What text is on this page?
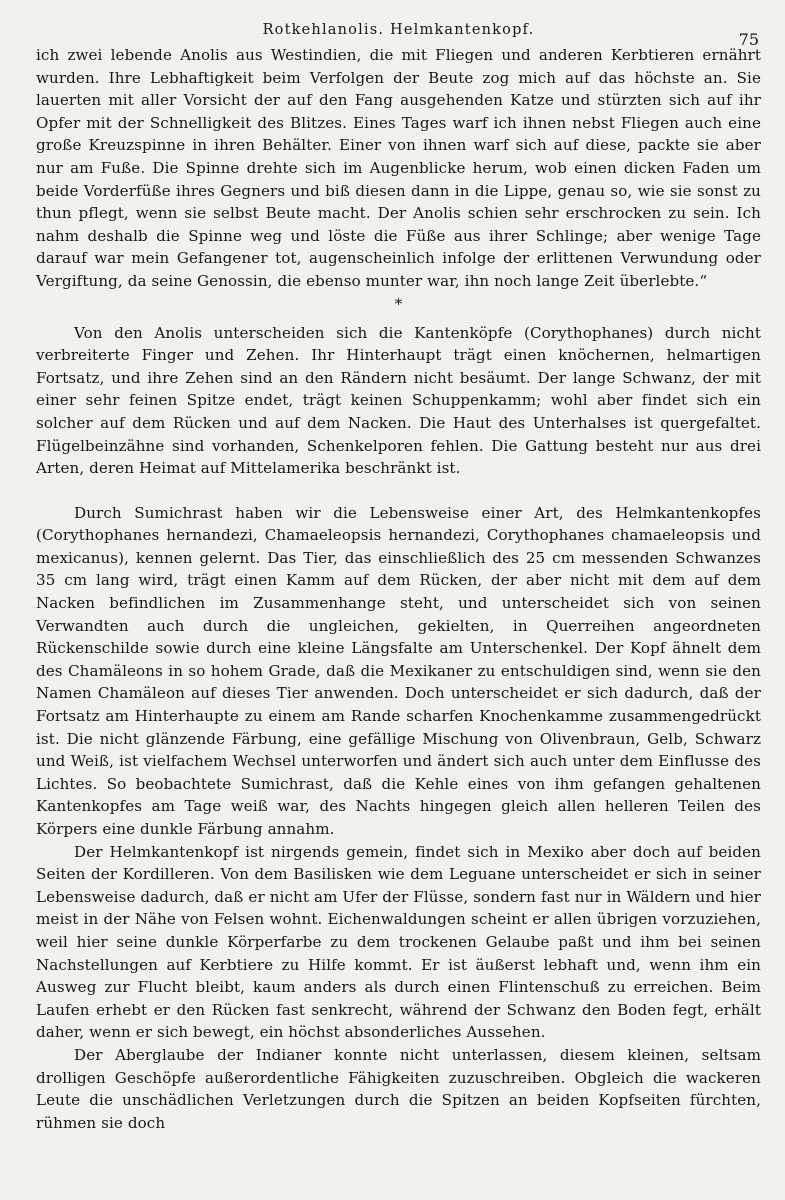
Rotkehlanolis. Helmkantenkopf.	75

ich zwei lebende Anolis aus Westindien, die mit Fliegen und anderen Kerbtieren ernährt wurden. Ihre Lebhaftigkeit beim Verfolgen der Beute zog mich auf das höchste an. Sie lauerten mit aller Vorsicht der auf den Fang ausgehenden Katze und stürzten sich auf ihr Opfer mit der Schnelligkeit des Blitzes. Eines Tages warf ich ihnen nebst Fliegen auch eine große Kreuzspinne in ihren Behälter. Einer von ihnen warf sich auf diese, packte sie aber nur am Fuße. Die Spinne drehte sich im Augenblicke herum, wob einen dicken Faden um beide Vorderfüße ihres Gegners und biß diesen dann in die Lippe, genau so, wie sie sonst zu thun pflegt, wenn sie selbst Beute macht. Der Anolis schien sehr erschrocken zu sein. Ich nahm deshalb die Spinne weg und löste die Füße aus ihrer Schlinge; aber wenige Tage darauf war mein Gefangener tot, augenscheinlich infolge der erlittenen Verwundung oder Vergiftung, da seine Genossin, die ebenso munter war, ihn noch lange Zeit überlebte.“

*

Von den Anolis unterscheiden sich die Kantenköpfe (Corythophanes) durch nicht verbreiterte Finger und Zehen. Ihr Hinterhaupt trägt einen knöchernen, helmartigen Fortsatz, und ihre Zehen sind an den Rändern nicht besäumt. Der lange Schwanz, der mit einer sehr feinen Spitze endet, trägt keinen Schuppenkamm; wohl aber findet sich ein solcher auf dem Rücken und auf dem Nacken. Die Haut des Unterhalses ist quergefaltet. Flügelbeinzähne sind vorhanden, Schenkelporen fehlen. Die Gattung besteht nur aus drei Arten, deren Heimat auf Mittelamerika beschränkt ist.

Durch Sumichrast haben wir die Lebensweise einer Art, des Helmkantenkopfes (Corythophanes hernandezi, Chamaeleopsis hernandezi, Corythophanes chamaeleopsis und mexicanus), kennen gelernt. Das Tier, das einschließlich des 25 cm messenden Schwanzes 35 cm lang wird, trägt einen Kamm auf dem Rücken, der aber nicht mit dem auf dem Nacken befindlichen im Zusammenhange steht, und unterscheidet sich von seinen Verwandten auch durch die ungleichen, gekielten, in Querreihen angeordneten Rückenschilde sowie durch eine kleine Längsfalte am Unterschenkel. Der Kopf ähnelt dem des Chamäleons in so hohem Grade, daß die Mexikaner zu entschuldigen sind, wenn sie den Namen Chamäleon auf dieses Tier anwenden. Doch unterscheidet er sich dadurch, daß der Fortsatz am Hinterhaupte zu einem am Rande scharfen Knochenkamme zusammengedrückt ist. Die nicht glänzende Färbung, eine gefällige Mischung von Olivenbraun, Gelb, Schwarz und Weiß, ist vielfachem Wechsel unterworfen und ändert sich auch unter dem Einflusse des Lichtes. So beobachtete Sumichrast, daß die Kehle eines von ihm gefangen gehaltenen Kantenkopfes am Tage weiß war, des Nachts hingegen gleich allen helleren Teilen des Körpers eine dunkle Färbung annahm.

Der Helmkantenkopf ist nirgends gemein, findet sich in Mexiko aber doch auf beiden Seiten der Kordilleren. Von dem Basilisken wie dem Leguane unterscheidet er sich in seiner Lebensweise dadurch, daß er nicht am Ufer der Flüsse, sondern fast nur in Wäldern und hier meist in der Nähe von Felsen wohnt. Eichenwaldungen scheint er allen übrigen vorzuziehen, weil hier seine dunkle Körperfarbe zu dem trockenen Gelaube paßt und ihm bei seinen Nachstellungen auf Kerbtiere zu Hilfe kommt. Er ist äußerst lebhaft und, wenn ihm ein Ausweg zur Flucht bleibt, kaum anders als durch einen Flintenschuß zu erreichen. Beim Laufen erhebt er den Rücken fast senkrecht, während der Schwanz den Boden fegt, erhält daher, wenn er sich bewegt, ein höchst absonderliches Aussehen.

Der Aberglaube der Indianer konnte nicht unterlassen, diesem kleinen, seltsam drolligen Geschöpfe außerordentliche Fähigkeiten zuzuschreiben. Obgleich die wackeren Leute die unschädlichen Verletzungen durch die Spitzen an beiden Kopfseiten fürchten, rühmen sie doch
